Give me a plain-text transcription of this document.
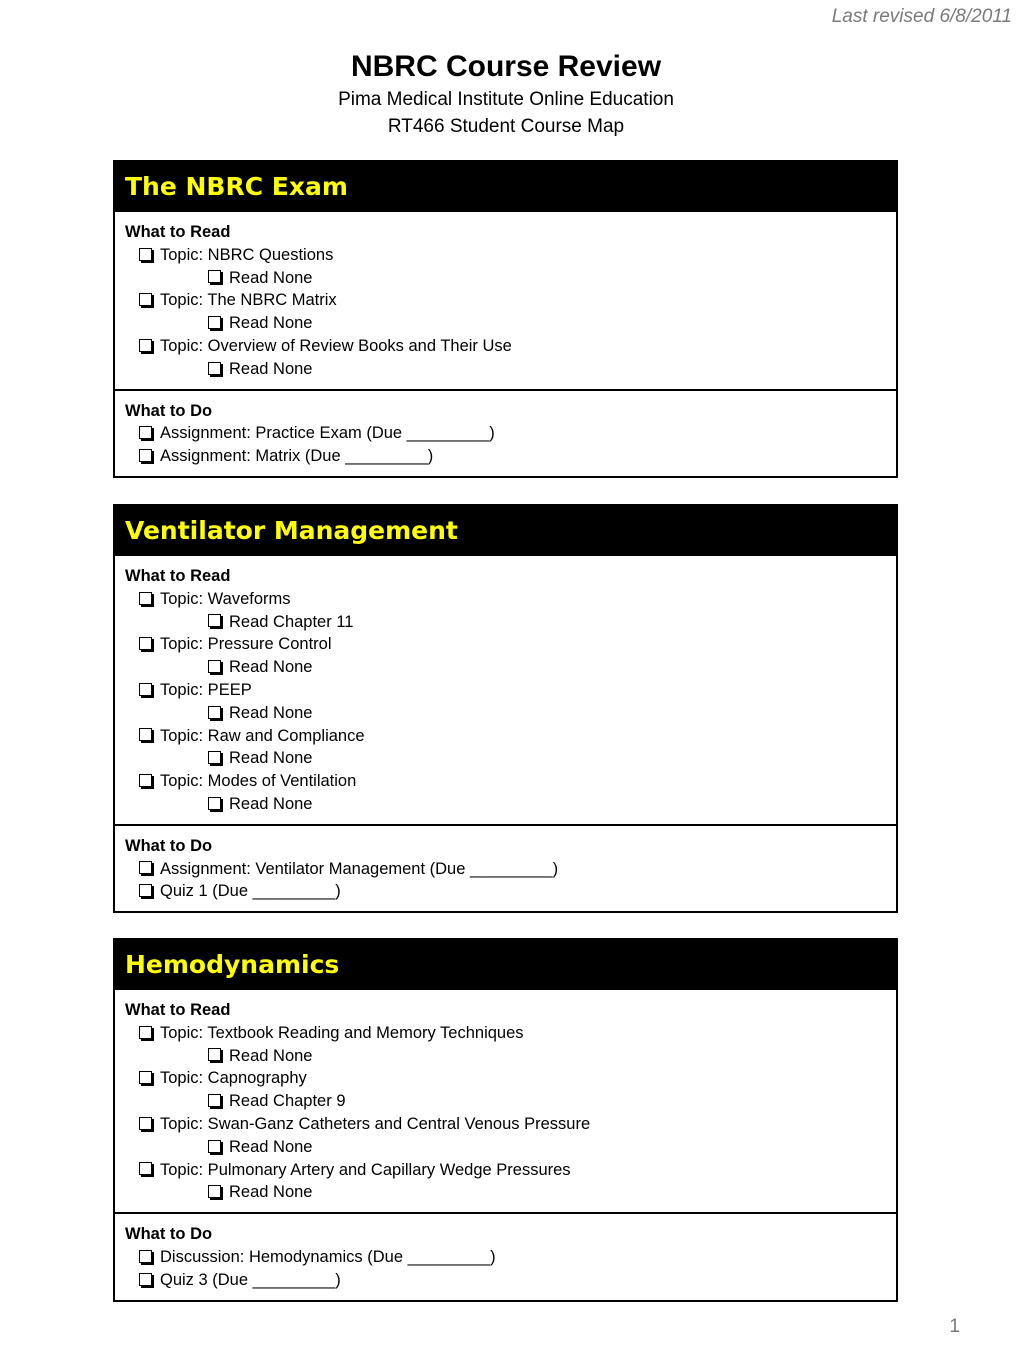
Last revised 6/8/2011
NBRC Course Review
Pima Medical Institute Online Education
RT466 Student Course Map
The NBRC Exam
What to Read
Topic: NBRC Questions
Read None
Topic: The NBRC Matrix
Read None
Topic: Overview of Review Books and Their Use
Read None
What to Do
Assignment: Practice Exam (Due _________)
Assignment: Matrix (Due _________)
Ventilator Management
What to Read
Topic: Waveforms
Read Chapter 11
Topic: Pressure Control
Read None
Topic: PEEP
Read None
Topic: Raw and Compliance
Read None
Topic: Modes of Ventilation
Read None
What to Do
Assignment: Ventilator Management (Due _________)
Quiz 1 (Due _________)
Hemodynamics
What to Read
Topic: Textbook Reading and Memory Techniques
Read None
Topic: Capnography
Read Chapter 9
Topic: Swan-Ganz Catheters and Central Venous Pressure
Read None
Topic: Pulmonary Artery and Capillary Wedge Pressures
Read None
What to Do
Discussion: Hemodynamics (Due _________)
Quiz 3 (Due _________)
1
